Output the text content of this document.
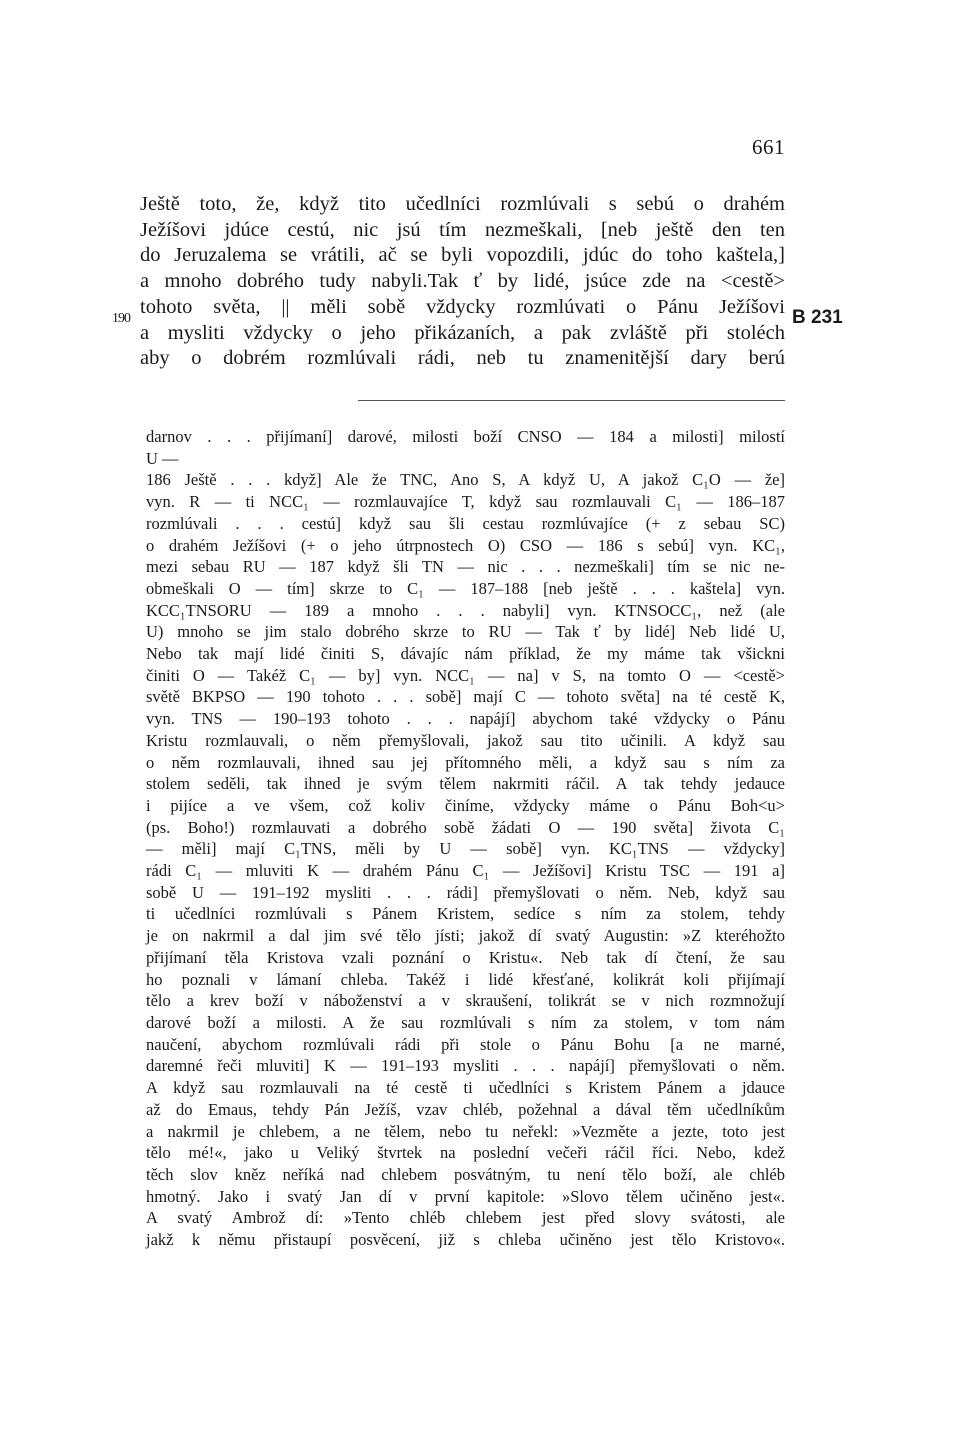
661
190	B 231
Ještě toto, že, když tito učedlníci rozmlúvali s sebú o drahém
Ježíšovi jdúce cestú, nic jsú tím nezmeškali, [neb ještě den ten
do Jeruzalema se vrátili, ač se byli vopozdili, jdúc do toho kaštela,]
a mnoho dobrého tudy nabyli.Tak ť by lidé, jsúce zde na <cestě>
tohoto světa, || měli sobě vždycky rozmlúvati o Pánu Ježíšovi
a mysliti vždycky o jeho přikázaních, a pak zvláště při stoléch
aby o dobrém rozmlúvali rádi, neb tu znamenitější dary berú
darnov . . . přijímaní] darové, milosti boží CNSO — 184 a milosti] milostí
U —
186 Ještě . . . když] Ale že TNC, Ano S, A když U, A jakož C₁O — že]
vyn. R — ti NCC₁ — rozmlauvajíce T, když sau rozmlauvali C₁ — 186–187
rozmlúvali . . . cestú] když sau šli cestau rozmlúvajíce (+ z sebau SC)
o drahém Ježíšovi (+ o jeho útrpnostech O) CSO — 186 s sebú] vyn. KC₁,
mezi sebau RU — 187 když šli TN — nic . . . nezmeškali] tím se nic ne-
obmeškali O — tím] skrze to C₁ — 187–188 [neb ještě . . . kaštela] vyn.
KCC₁TNSORU — 189 a mnoho . . . nabyli] vyn. KTNSOCC₁, než (ale
U) mnoho se jim stalo dobrého skrze to RU — Tak ť by lidé] Neb lidé U,
Nebo tak mají lidé činiti S, dávajíc nám příklad, že my máme tak všickni
činiti O — Takéž C₁ — by] vyn. NCC₁ — na] v S, na tomto O — <cestě>
světě BKPSO — 190 tohoto . . . sobě] mají C — tohoto světa] na té cestě K,
vyn. TNS — 190–193 tohoto . . . napájí] abychom také vždycky o Pánu
Kristu rozmlauvali, o něm přemyšlovali, jakož sau tito učinili. A když sau
o něm rozmlauvali, ihned sau jej přítomného měli, a když sau s ním za
stolem seděli, tak ihned je svým tělem nakrmiti ráčil. A tak tehdy jedauce
i pijíce a ve všem, což koliv činíme, vždycky máme o Pánu Boh<u>
(ps. Boho!) rozmlauvati a dobrého sobě žádati O — 190 světa] života C₁
— měli] mají C₁TNS, měli by U — sobě] vyn. KC₁TNS — vždycky]
rádi C₁ — mluviti K — drahém Pánu C₁ — Ježíšovi] Kristu TSC — 191 a]
sobě U — 191–192 mysliti . . . rádi] přemyšlovati o něm. Neb, když sau
ti učedlníci rozmlúvali s Pánem Kristem, sedíce s ním za stolem, tehdy
je on nakrmil a dal jim své tělo jísti; jakož dí svatý Augustin: »Z kteréhožto
přijímaní těla Kristova vzali poznání o Kristu«. Neb tak dí čtení, že sau
ho poznali v lámaní chleba. Takéž i lidé křesťané, kolikrát koli přijímají
tělo a krev boží v náboženství a v skraušení, tolikrát se v nich rozmnožují
darové boží a milosti. A že sau rozmlúvali s ním za stolem, v tom nám
naučení, abychom rozmlúvali rádi při stole o Pánu Bohu [a ne marné,
daremné řeči mluviti] K — 191–193 mysliti . . . napájí] přemyšlovati o něm.
A když sau rozmlauvali na té cestě ti učedlníci s Kristem Pánem a jdauce
až do Emaus, tehdy Pán Ježíš, vzav chléb, požehnal a dával těm učedlníkům
a nakrmil je chlebem, a ne tělem, nebo tu neřekl: »Vezměte a jezte, toto jest
tělo mé!«, jako u Veliký štvrtek na poslední večeři ráčil říci. Nebo, kdež
těch slov kněz neříká nad chlebem posvátným, tu není tělo boží, ale chléb
hmotný. Jako i svatý Jan dí v první kapitole: »Slovo tělem učiněno jest«.
A svatý Ambrož dí: »Tento chléb chlebem jest před slovy svátosti, ale
jakž k němu přistaupí posvěcení, již s chleba učiněno jest tělo Kristovo«.
